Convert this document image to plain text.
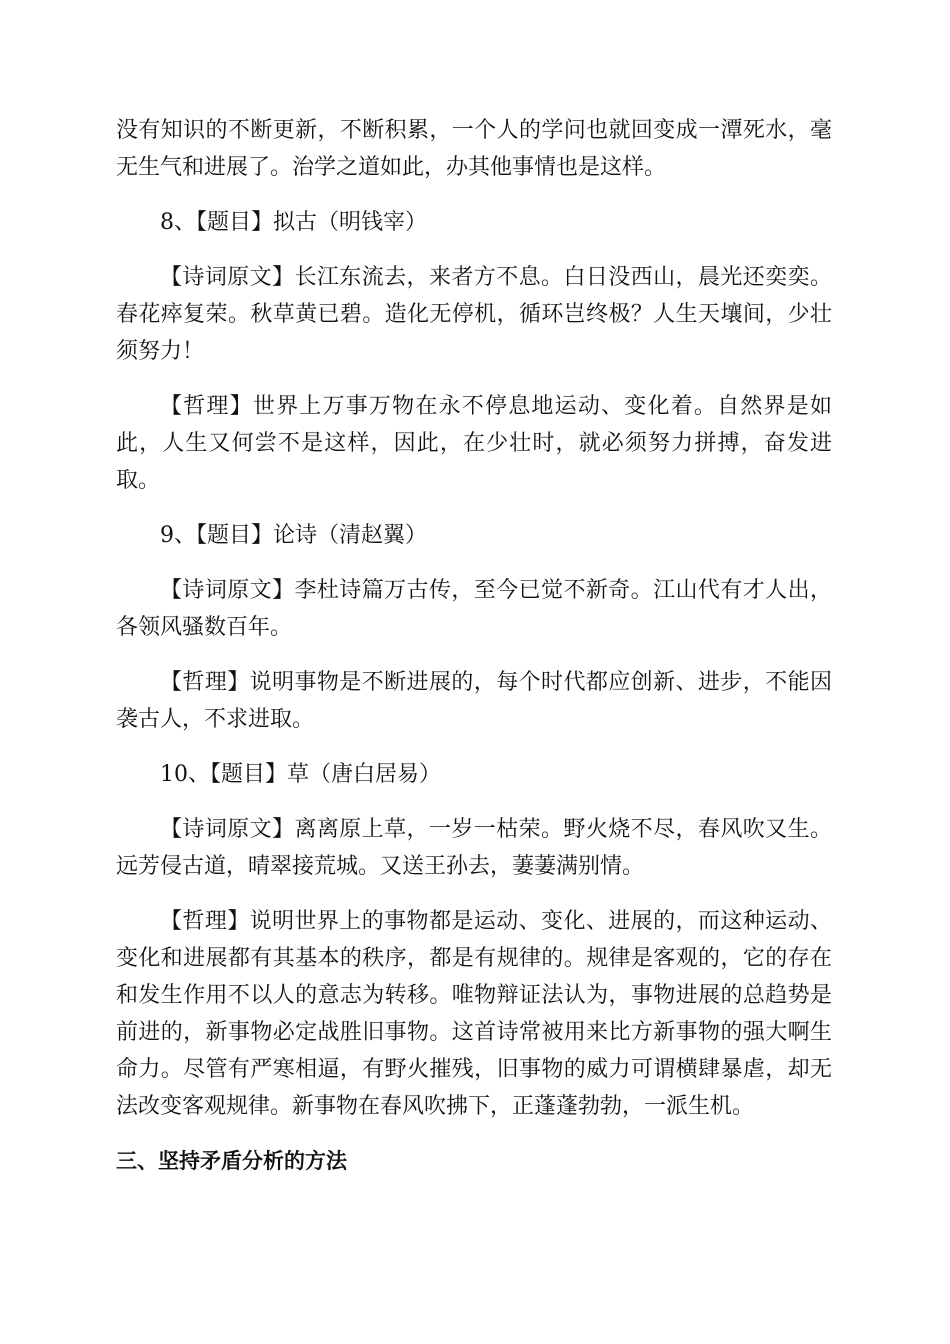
没有知识的不断更新，不断积累，一个人的学问也就回变成一潭死水，毫无生气和进展了。治学之道如此，办其他事情也是这样。

8、【题目】拟古（明钱宰）

【诗词原文】长江东流去，来者方不息。白日没西山，晨光还奕奕。春花瘁复荣。秋草黄已碧。造化无停机，循环岂终极？人生天壤间，少壮须努力！

【哲理】世界上万事万物在永不停息地运动、变化着。自然界是如此，人生又何尝不是这样，因此，在少壮时，就必须努力拼搏，奋发进取。

9、【题目】论诗（清赵翼）

【诗词原文】李杜诗篇万古传，至今已觉不新奇。江山代有才人出，各领风骚数百年。

【哲理】说明事物是不断进展的，每个时代都应创新、进步，不能因袭古人，不求进取。

10、【题目】草（唐白居易）

【诗词原文】离离原上草，一岁一枯荣。野火烧不尽，春风吹又生。远芳侵古道，晴翠接荒城。又送王孙去，萋萋满别情。

【哲理】说明世界上的事物都是运动、变化、进展的，而这种运动、变化和进展都有其基本的秩序，都是有规律的。规律是客观的，它的存在和发生作用不以人的意志为转移。唯物辩证法认为，事物进展的总趋势是前进的，新事物必定战胜旧事物。这首诗常被用来比方新事物的强大啊生命力。尽管有严寒相逼，有野火摧残，旧事物的威力可谓横肆暴虐，却无法改变客观规律。新事物在春风吹拂下，正蓬蓬勃勃，一派生机。

三、坚持矛盾分析的方法
